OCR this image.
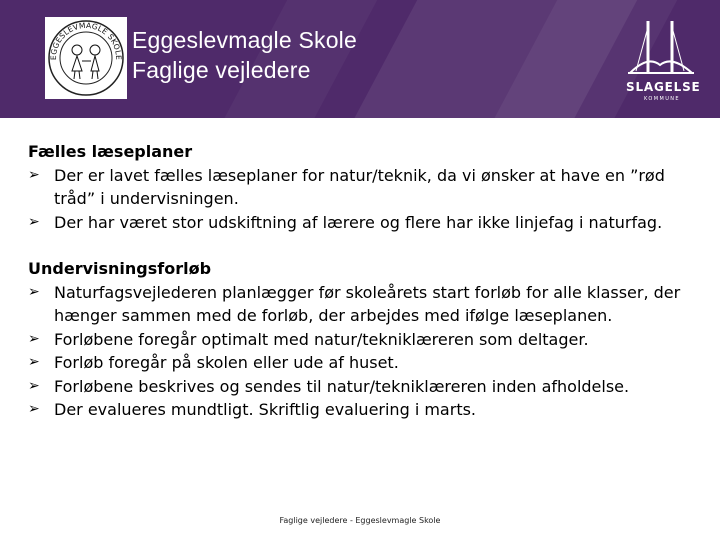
EGGESLEVMAGLE SKOLE
Eggeslevmagle Skole
Faglige vejledere
SLAGELSE
KOMMUNE
Fælles læseplaner
➢ Der er lavet fælles læseplaner for natur/teknik, da vi ønsker at have en ”rød tråd” i undervisningen.
➢ Der har været stor udskiftning af lærere og flere har ikke linjefag i naturfag.
Undervisningsforløb
➢ Naturfagsvejlederen planlægger før skoleårets start forløb for alle klasser, der hænger sammen med de forløb, der arbejdes med ifølge læseplanen.
➢ Forløbene foregår optimalt med natur/tekniklæreren som deltager.
➢ Forløb foregår på skolen eller ude af huset.
➢ Forløbene beskrives og sendes til natur/tekniklæreren inden afholdelse.
➢ Der evalueres mundtligt. Skriftlig evaluering i marts.
Faglige vejledere - Eggeslevmagle Skole
